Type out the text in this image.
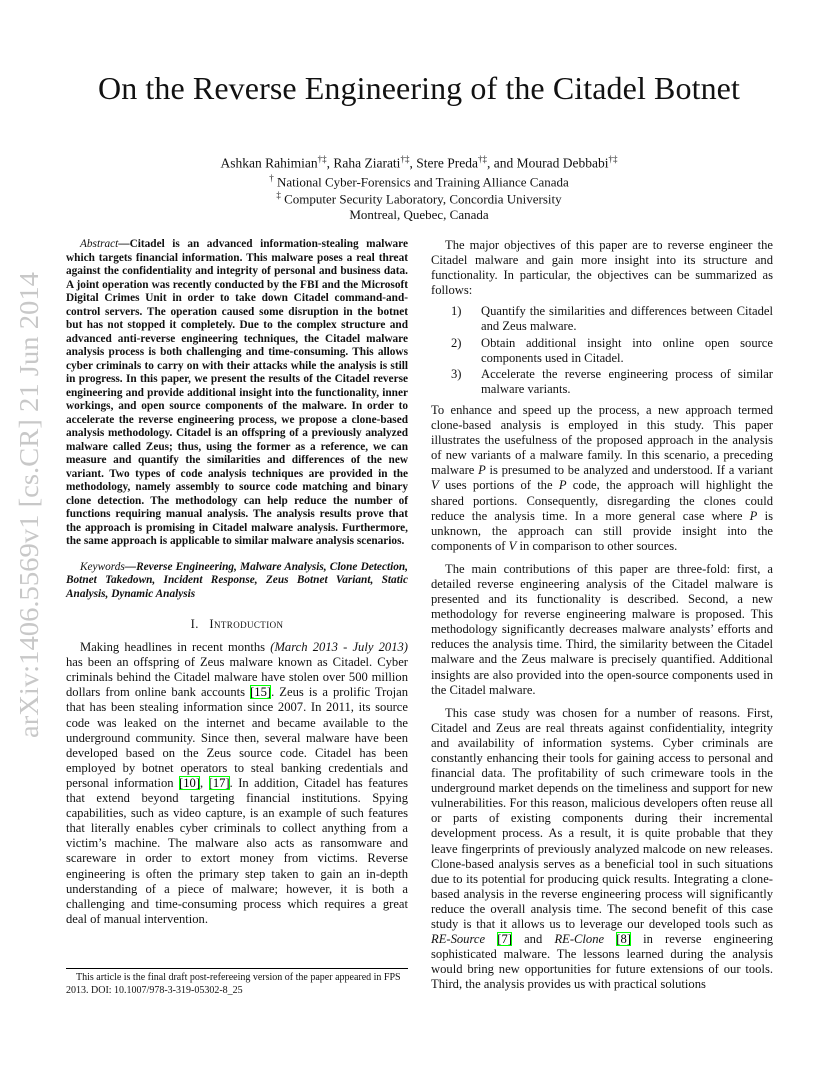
arXiv:1406.5569v1 [cs.CR] 21 Jun 2014
On the Reverse Engineering of the Citadel Botnet
Ashkan Rahimian†‡, Raha Ziarati†‡, Stere Preda†‡, and Mourad Debbabi†‡
† National Cyber-Forensics and Training Alliance Canada
‡ Computer Security Laboratory, Concordia University
Montreal, Quebec, Canada

Abstract—Citadel is an advanced information-stealing malware which targets financial information. This malware poses a real threat against the confidentiality and integrity of personal and business data. A joint operation was recently conducted by the FBI and the Microsoft Digital Crimes Unit in order to take down Citadel command-and-control servers. The operation caused some disruption in the botnet but has not stopped it completely. Due to the complex structure and advanced anti-reverse engineering techniques, the Citadel malware analysis process is both challenging and time-consuming. This allows cyber criminals to carry on with their attacks while the analysis is still in progress. In this paper, we present the results of the Citadel reverse engineering and provide additional insight into the functionality, inner workings, and open source components of the malware. In order to accelerate the reverse engineering process, we propose a clone-based analysis methodology. Citadel is an offspring of a previously analyzed malware called Zeus; thus, using the former as a reference, we can measure and quantify the similarities and differences of the new variant. Two types of code analysis techniques are provided in the methodology, namely assembly to source code matching and binary clone detection. The methodology can help reduce the number of functions requiring manual analysis. The analysis results prove that the approach is promising in Citadel malware analysis. Furthermore, the same approach is applicable to similar malware analysis scenarios.

Keywords—Reverse Engineering, Malware Analysis, Clone Detection, Botnet Takedown, Incident Response, Zeus Botnet Variant, Static Analysis, Dynamic Analysis

I. Introduction

Making headlines in recent months (March 2013 - July 2013) has been an offspring of Zeus malware known as Citadel. Cyber criminals behind the Citadel malware have stolen over 500 million dollars from online bank accounts [15]. Zeus is a prolific Trojan that has been stealing information since 2007. In 2011, its source code was leaked on the internet and became available to the underground community. Since then, several malware have been developed based on the Zeus source code. Citadel has been employed by botnet operators to steal banking credentials and personal information [10], [17]. In addition, Citadel has features that extend beyond targeting financial institutions. Spying capabilities, such as video capture, is an example of such features that literally enables cyber criminals to collect anything from a victim’s machine. The malware also acts as ransomware and scareware in order to extort money from victims. Reverse engineering is often the primary step taken to gain an in-depth understanding of a piece of malware; however, it is both a challenging and time-consuming process which requires a great deal of manual intervention.

This article is the final draft post-refereeing version of the paper appeared in FPS 2013. DOI: 10.1007/978-3-319-05302-8_25

The major objectives of this paper are to reverse engineer the Citadel malware and gain more insight into its structure and functionality. In particular, the objectives can be summarized as follows:

1) Quantify the similarities and differences between Citadel and Zeus malware.
2) Obtain additional insight into online open source components used in Citadel.
3) Accelerate the reverse engineering process of similar malware variants.

To enhance and speed up the process, a new approach termed clone-based analysis is employed in this study. This paper illustrates the usefulness of the proposed approach in the analysis of new variants of a malware family. In this scenario, a preceding malware P is presumed to be analyzed and understood. If a variant V uses portions of the P code, the approach will highlight the shared portions. Consequently, disregarding the clones could reduce the analysis time. In a more general case where P is unknown, the approach can still provide insight into the components of V in comparison to other sources.

The main contributions of this paper are three-fold: first, a detailed reverse engineering analysis of the Citadel malware is presented and its functionality is described. Second, a new methodology for reverse engineering malware is proposed. This methodology significantly decreases malware analysts’ efforts and reduces the analysis time. Third, the similarity between the Citadel malware and the Zeus malware is precisely quantified. Additional insights are also provided into the open-source components used in the Citadel malware.

This case study was chosen for a number of reasons. First, Citadel and Zeus are real threats against confidentiality, integrity and availability of information systems. Cyber criminals are constantly enhancing their tools for gaining access to personal and financial data. The profitability of such crimeware tools in the underground market depends on the timeliness and support for new vulnerabilities. For this reason, malicious developers often reuse all or parts of existing components during their incremental development process. As a result, it is quite probable that they leave fingerprints of previously analyzed malcode on new releases. Clone-based analysis serves as a beneficial tool in such situations due to its potential for producing quick results. Integrating a clone-based analysis in the reverse engineering process will significantly reduce the overall analysis time. The second benefit of this case study is that it allows us to leverage our developed tools such as RE-Source [7] and RE-Clone [8] in reverse engineering sophisticated malware. The lessons learned during the analysis would bring new opportunities for future extensions of our tools. Third, the analysis provides us with practical solutions
